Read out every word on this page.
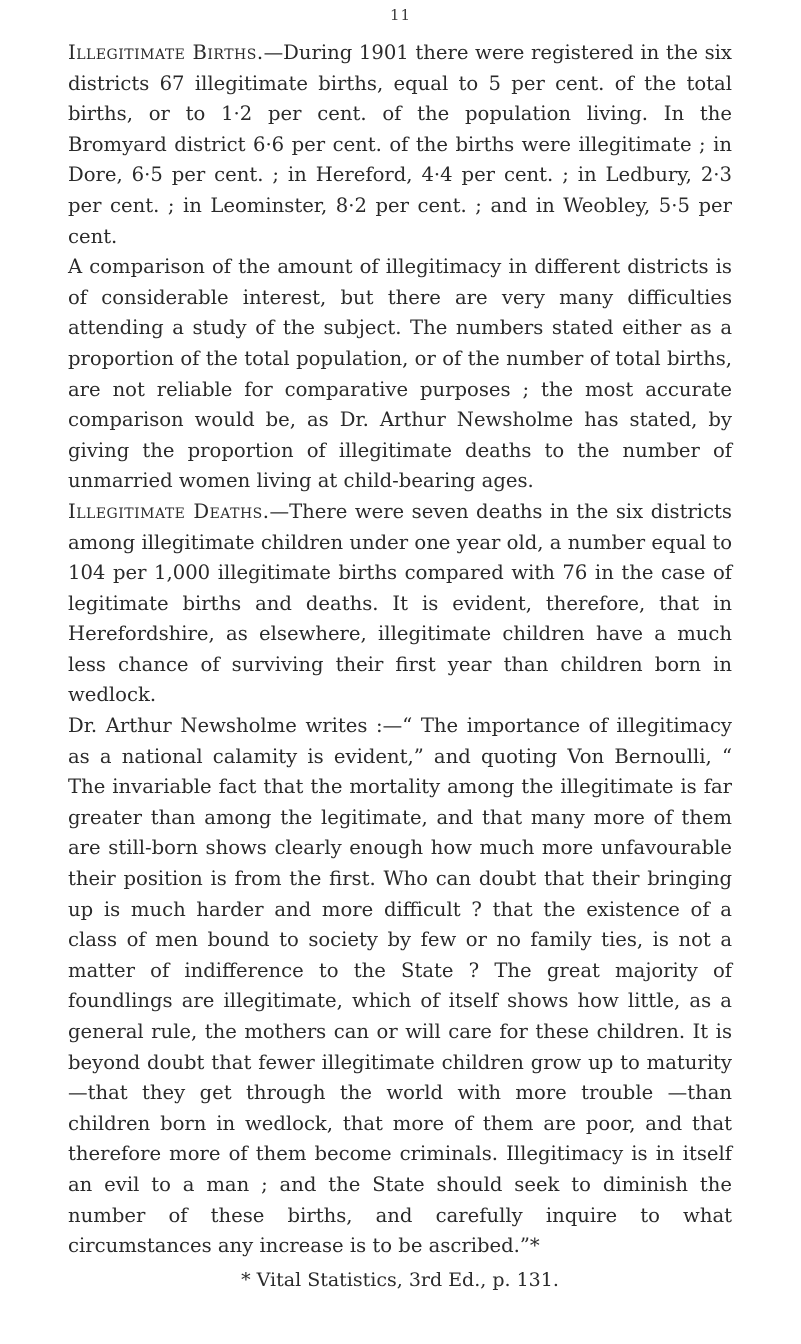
11

Illegitimate Births.—During 1901 there were registered in the six districts 67 illegitimate births, equal to 5 per cent. of the total births, or to 1·2 per cent. of the population living. In the Bromyard district 6·6 per cent. of the births were illegitimate ; in Dore, 6·5 per cent. ; in Hereford, 4·4 per cent. ; in Ledbury, 2·3 per cent. ; in Leominster, 8·2 per cent. ; and in Weobley, 5·5 per cent.

A comparison of the amount of illegitimacy in different districts is of considerable interest, but there are very many difficulties attending a study of the subject. The numbers stated either as a proportion of the total population, or of the number of total births, are not reliable for comparative purposes ; the most accurate comparison would be, as Dr. Arthur Newsholme has stated, by giving the proportion of illegitimate deaths to the number of unmarried women living at child-bearing ages.

Illegitimate Deaths.—There were seven deaths in the six districts among illegitimate children under one year old, a number equal to 104 per 1,000 illegitimate births compared with 76 in the case of legitimate births and deaths. It is evident, therefore, that in Herefordshire, as elsewhere, illegitimate children have a much less chance of surviving their first year than children born in wedlock.

Dr. Arthur Newsholme writes :—“ The importance of illegitimacy as a national calamity is evident,” and quoting Von Bernoulli, “ The invariable fact that the mortality among the illegitimate is far greater than among the legitimate, and that many more of them are still-born shows clearly enough how much more unfavourable their position is from the first. Who can doubt that their bringing up is much harder and more difficult ? that the existence of a class of men bound to society by few or no family ties, is not a matter of indifference to the State ? The great majority of foundlings are illegitimate, which of itself shows how little, as a general rule, the mothers can or will care for these children. It is beyond doubt that fewer illegitimate children grow up to maturity—that they get through the world with more trouble —than children born in wedlock, that more of them are poor, and that therefore more of them become criminals. Illegitimacy is in itself an evil to a man ; and the State should seek to diminish the number of these births, and carefully inquire to what circumstances any increase is to be ascribed.”*

* Vital Statistics, 3rd Ed., p. 131.
